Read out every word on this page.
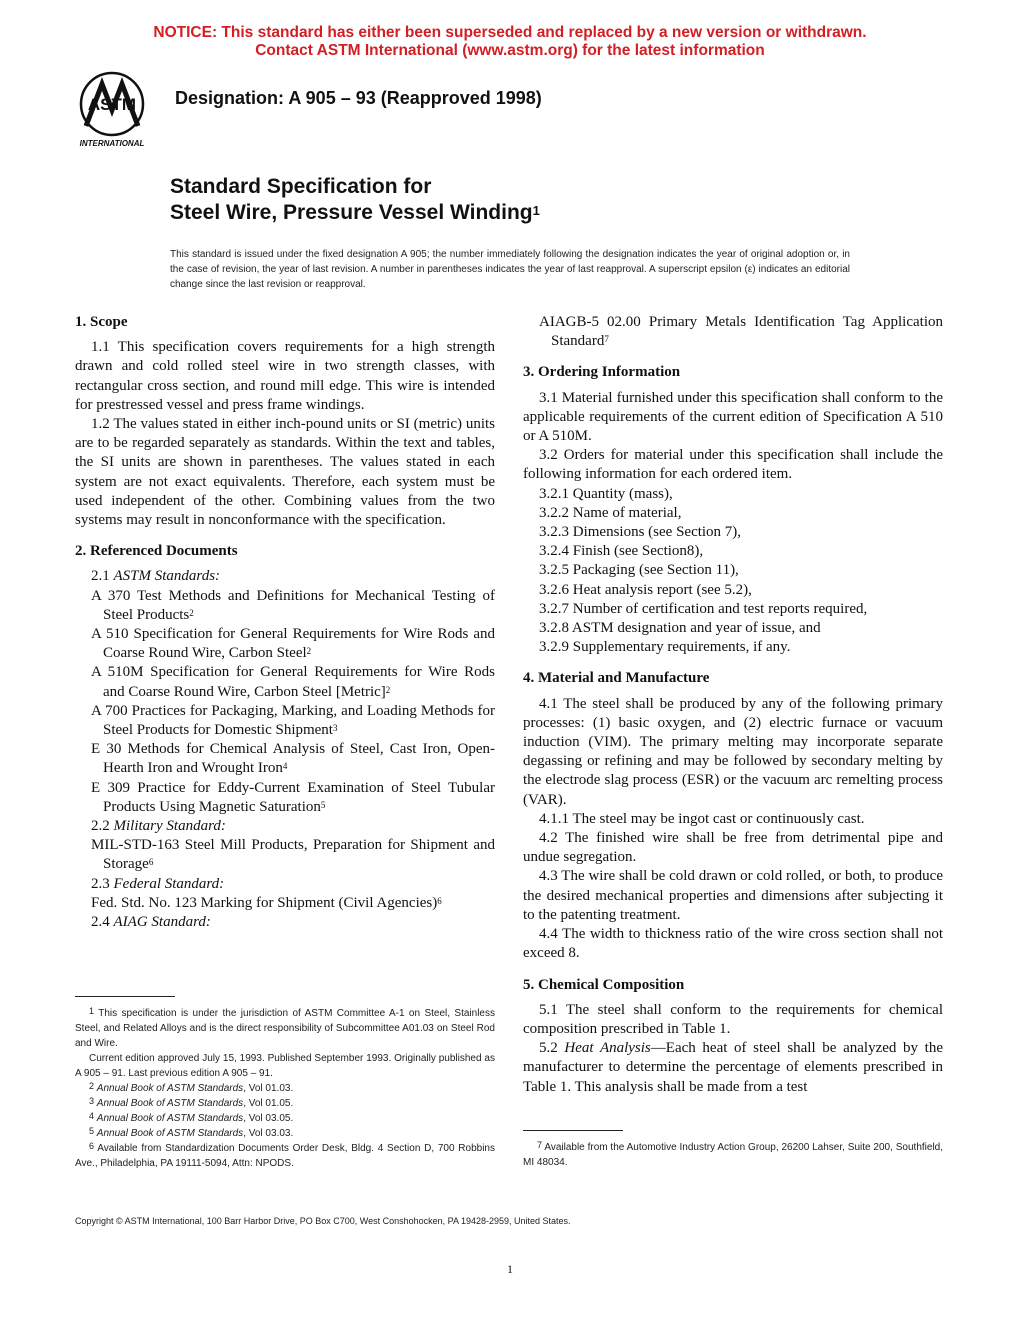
NOTICE: This standard has either been superseded and replaced by a new version or withdrawn.
Contact ASTM International (www.astm.org) for the latest information
ASTM
INTERNATIONAL
Designation: A 905 – 93 (Reapproved 1998)
Standard Specification for
Steel Wire, Pressure Vessel Winding$^1$
This standard is issued under the fixed designation A 905; the number immediately following the designation indicates the year of original adoption or, in the case of revision, the year of last revision. A number in parentheses indicates the year of last reapproval. A superscript epsilon (ε) indicates an editorial change since the last revision or reapproval.

1. Scope

1.1 This specification covers requirements for a high strength drawn and cold rolled steel wire in two strength classes, with rectangular cross section, and round mill edge. This wire is intended for prestressed vessel and press frame windings.

1.2 The values stated in either inch-pound units or SI (metric) units are to be regarded separately as standards. Within the text and tables, the SI units are shown in parentheses. The values stated in each system are not exact equivalents. Therefore, each system must be used independent of the other. Combining values from the two systems may result in nonconformance with the specification.

2. Referenced Documents

2.1 ASTM Standards:

A 370 Test Methods and Definitions for Mechanical Testing of Steel Products$^2$

A 510 Specification for General Requirements for Wire Rods and Coarse Round Wire, Carbon Steel$^2$

A 510M Specification for General Requirements for Wire Rods and Coarse Round Wire, Carbon Steel [Metric]$^2$

A 700 Practices for Packaging, Marking, and Loading Methods for Steel Products for Domestic Shipment$^3$

E 30 Methods for Chemical Analysis of Steel, Cast Iron, Open-Hearth Iron and Wrought Iron$^4$

E 309 Practice for Eddy-Current Examination of Steel Tubular Products Using Magnetic Saturation$^5$

2.2 Military Standard:

MIL-STD-163 Steel Mill Products, Preparation for Shipment and Storage$^6$

2.3 Federal Standard:

Fed. Std. No. 123 Marking for Shipment (Civil Agencies)$^6$

2.4 AIAG Standard:

AIAGB-5 02.00 Primary Metals Identification Tag Application Standard$^7$

3. Ordering Information

3.1 Material furnished under this specification shall conform to the applicable requirements of the current edition of Specification A 510 or A 510M.

3.2 Orders for material under this specification shall include the following information for each ordered item.

3.2.1 Quantity (mass),

3.2.2 Name of material,

3.2.3 Dimensions (see Section 7),

3.2.4 Finish (see Section8),

3.2.5 Packaging (see Section 11),

3.2.6 Heat analysis report (see 5.2),

3.2.7 Number of certification and test reports required,

3.2.8 ASTM designation and year of issue, and

3.2.9 Supplementary requirements, if any.

4. Material and Manufacture

4.1 The steel shall be produced by any of the following primary processes: (1) basic oxygen, and (2) electric furnace or vacuum induction (VIM). The primary melting may incorporate separate degassing or refining and may be followed by secondary melting by the electrode slag process (ESR) or the vacuum arc remelting process (VAR).

4.1.1 The steel may be ingot cast or continuously cast.

4.2 The finished wire shall be free from detrimental pipe and undue segregation.

4.3 The wire shall be cold drawn or cold rolled, or both, to produce the desired mechanical properties and dimensions after subjecting it to the patenting treatment.

4.4 The width to thickness ratio of the wire cross section shall not exceed 8.

5. Chemical Composition

5.1 The steel shall conform to the requirements for chemical composition prescribed in Table 1.

5.2 Heat Analysis—Each heat of steel shall be analyzed by the manufacturer to determine the percentage of elements prescribed in Table 1. This analysis shall be made from a test

$^1$ This specification is under the jurisdiction of ASTM Committee A-1 on Steel, Stainless Steel, and Related Alloys and is the direct responsibility of Subcommittee A01.03 on Steel Rod and Wire.

Current edition approved July 15, 1993. Published September 1993. Originally published as A 905 – 91. Last previous edition A 905 – 91.

$^2$ Annual Book of ASTM Standards, Vol 01.03.

$^3$ Annual Book of ASTM Standards, Vol 01.05.

$^4$ Annual Book of ASTM Standards, Vol 03.05.

$^5$ Annual Book of ASTM Standards, Vol 03.03.

$^6$ Available from Standardization Documents Order Desk, Bldg. 4 Section D, 700 Robbins Ave., Philadelphia, PA 19111-5094, Attn: NPODS.

$^7$ Available from the Automotive Industry Action Group, 26200 Lahser, Suite 200, Southfield, MI 48034.

Copyright © ASTM International, 100 Barr Harbor Drive, PO Box C700, West Conshohocken, PA 19428-2959, United States.
1
